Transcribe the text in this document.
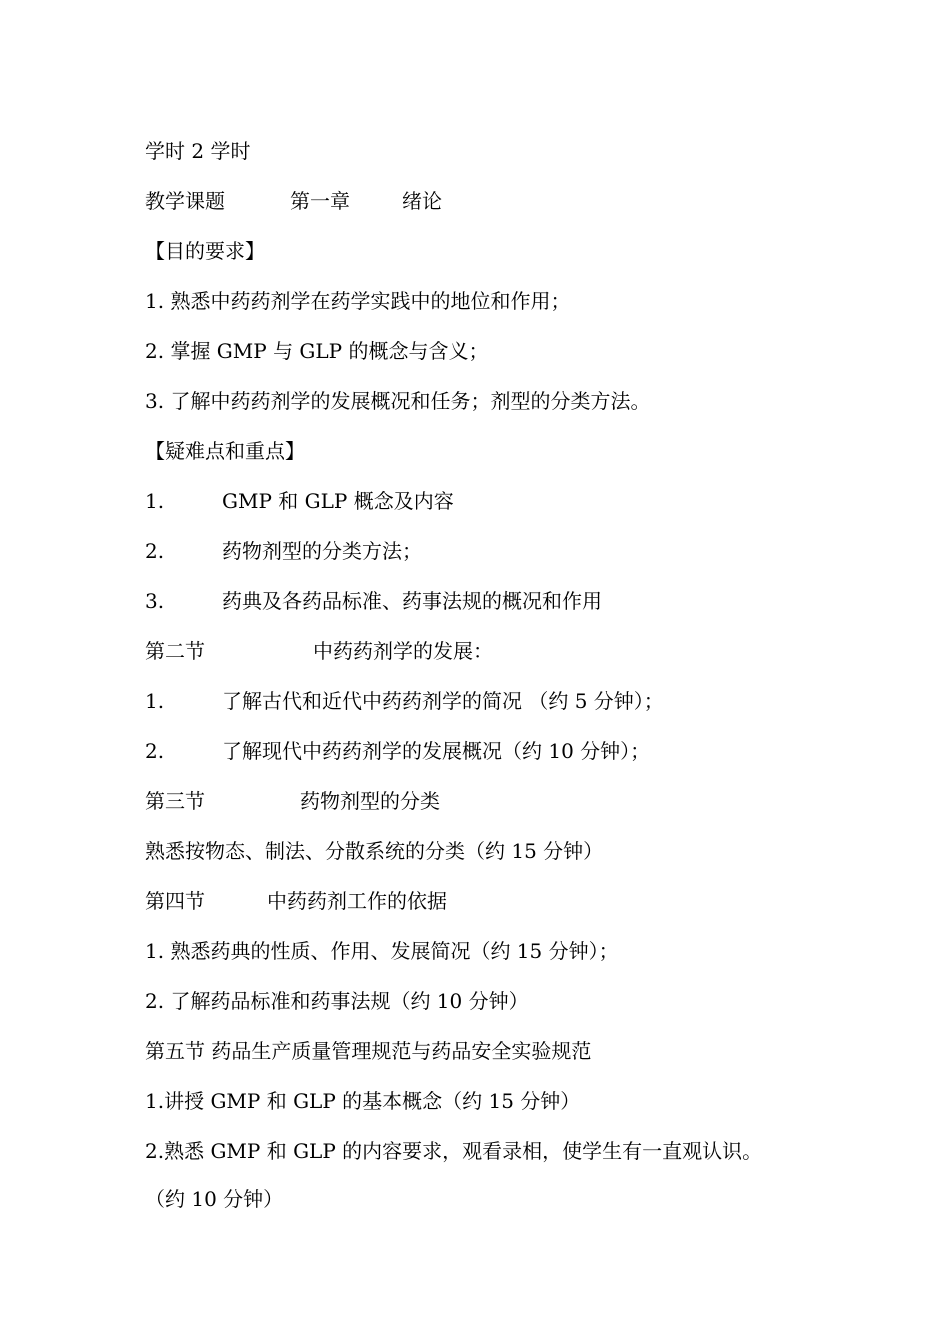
学时 2 学时
教学课题	第一章	绪论
【目的要求】
1. 熟悉中药药剂学在药学实践中的地位和作用；
2. 掌握 GMP 与 GLP 的概念与含义；
3. 了解中药药剂学的发展概况和任务；剂型的分类方法。
【疑难点和重点】
1.	GMP 和 GLP 概念及内容
2.	药物剂型的分类方法；
3.	药典及各药品标准、药事法规的概况和作用
第二节	中药药剂学的发展：
1.	了解古代和近代中药药剂学的简况 （约 5 分钟）；
2.	了解现代中药药剂学的发展概况（约 10 分钟）；
第三节	药物剂型的分类
熟悉按物态、制法、分散系统的分类（约 15 分钟）
第四节	中药药剂工作的依据
1. 熟悉药典的性质、作用、发展简况（约 15 分钟）；
2. 了解药品标准和药事法规（约 10 分钟）
第五节 药品生产质量管理规范与药品安全实验规范
1.讲授 GMP 和 GLP 的基本概念（约 15 分钟）
2.熟悉 GMP 和 GLP 的内容要求，观看录相，使学生有一直观认识。
（约 10 分钟）
